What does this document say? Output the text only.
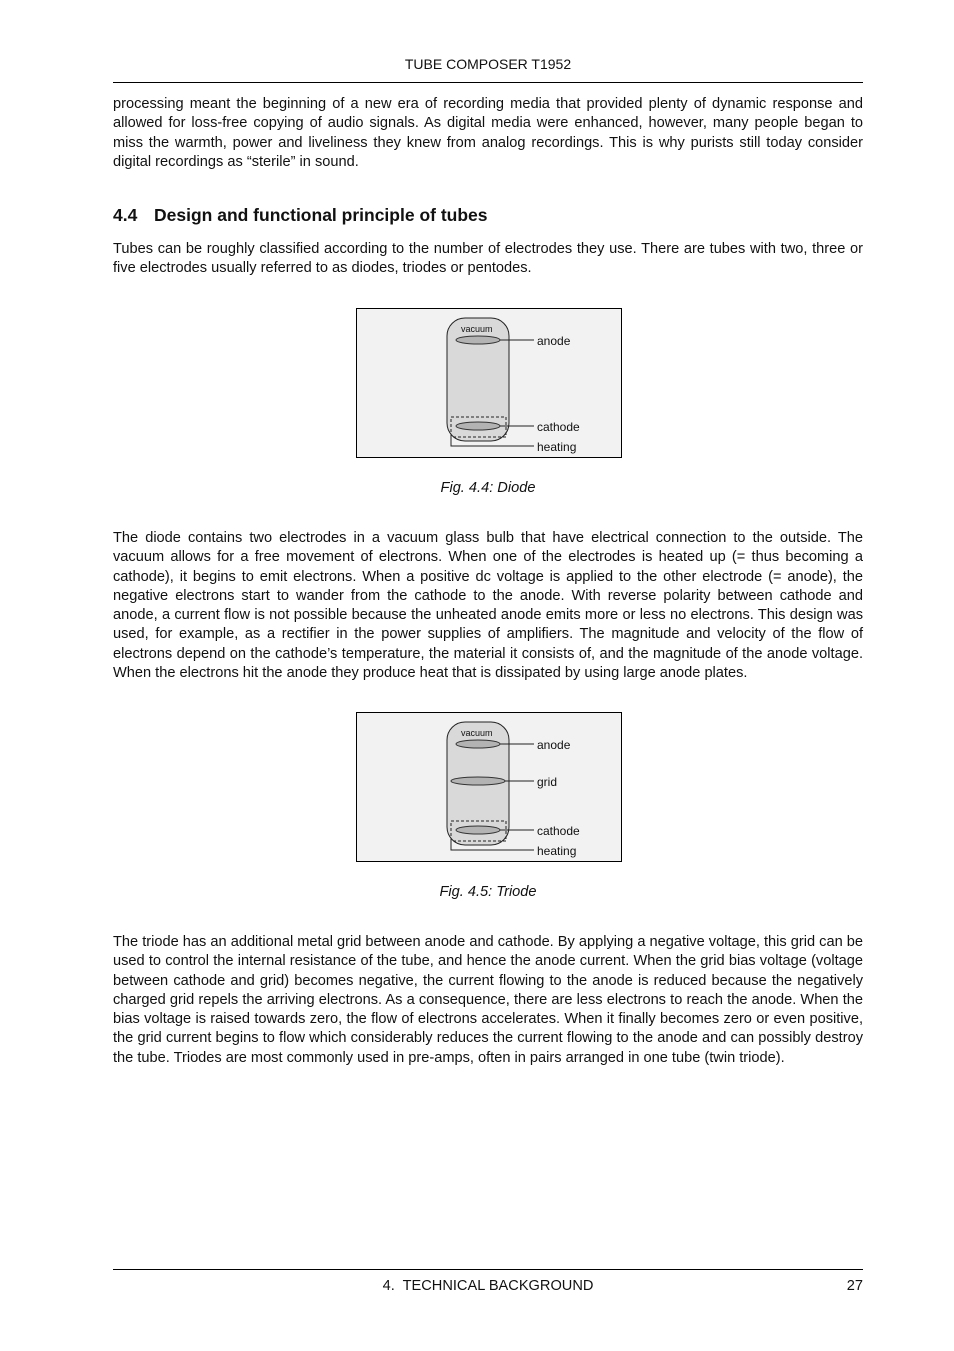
TUBE COMPOSER T1952

processing meant the beginning of a new era of recording media that provided plenty of dynamic response and allowed for loss-free copying of audio signals. As digital media were enhanced, however, many people began to miss the warmth, power and liveliness they knew from analog recordings. This is why purists still today consider digital recordings as “sterile” in sound.

4.4 Design and functional principle of tubes

Tubes can be roughly classified according to the number of electrodes they use. There are tubes with two, three or five electrodes usually referred to as diodes, triodes or pentodes.

vacuum
anode
cathode
heating
Fig. 4.4: Diode

The diode contains two electrodes in a vacuum glass bulb that have electrical connection to the outside. The vacuum allows for a free movement of electrons. When one of the electrodes is heated up (= thus becoming a cathode), it begins to emit electrons. When a positive dc voltage is applied to the other electrode (= anode), the negative electrons start to wander from the cathode to the anode. With reverse polarity between cathode and anode, a current flow is not possible because the unheated anode emits more or less no electrons. This design was used, for example, as a rectifier in the power supplies of amplifiers. The magnitude and velocity of the flow of electrons depend on the cathode’s temperature, the material it consists of, and the magnitude of the anode voltage. When the electrons hit the anode they produce heat that is dissipated by using large anode plates.

vacuum
anode
grid
cathode
heating
Fig. 4.5: Triode

The triode has an additional metal grid between anode and cathode. By applying a negative voltage, this grid can be used to control the internal resistance of the tube, and hence the anode current. When the grid bias voltage (voltage between cathode and grid) becomes negative, the current flowing to the anode is reduced because the negatively charged grid repels the arriving electrons. As a consequence, there are less electrons to reach the anode. When the bias voltage is raised towards zero, the flow of electrons accelerates. When it finally becomes zero or even positive, the grid current begins to flow which considerably reduces the current flowing to the anode and can possibly destroy the tube. Triodes are most commonly used in pre-amps, often in pairs arranged in one tube (twin triode).

4.  TECHNICAL BACKGROUND	27
